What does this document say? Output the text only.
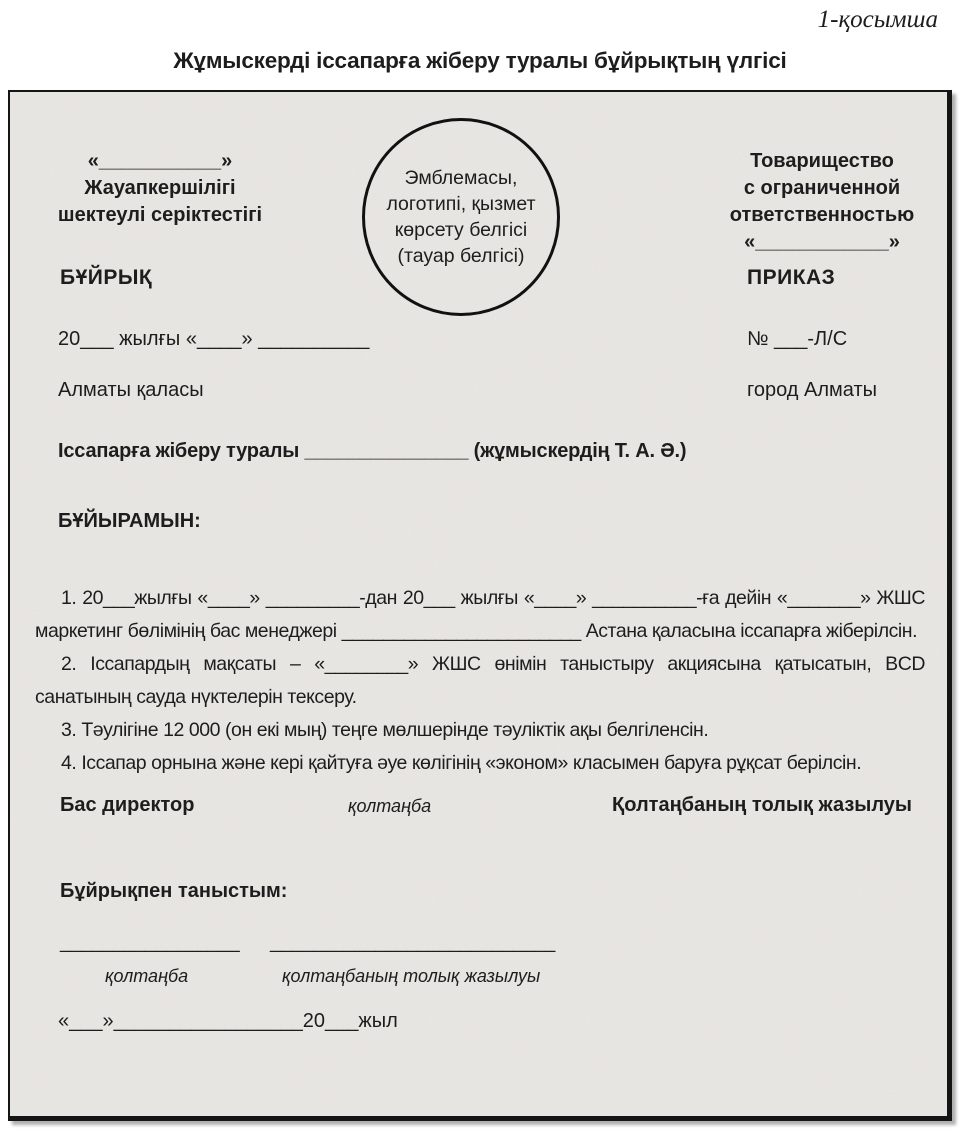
1-қосымша
Жұмыскерді іссапарға жіберу туралы бұйрықтың үлгісі
«___________»
Жауапкершілігі
шектеулі серіктестігі
Эмблемасы, логотипі, қызмет көрсету белгісі (тауар белгісі)
Товарищество
с ограниченной
ответственностью
«____________»
БҰЙРЫҚ	ПРИКАЗ
20___ жылғы «____» __________	№ ___-Л/С
Алматы қаласы	город Алматы
Іссапарға жіберу туралы _______________ (жұмыскердің Т. А. Ә.)
БҰЙЫРАМЫН:

1. 20___жылғы «____» _________-дан 20___ жылғы «____» __________-ға дейін «_______» ЖШС маркетинг бөлімінің бас менеджері _______________________ Астана қаласына іссапарға жіберілсін.

2. Іссапардың мақсаты – «________» ЖШС өнімін таныстыру акциясына қатысатын, BCD санатының сауда нүктелерін тексеру.

3. Тәулігіне 12 000 (он екі мың) теңге мөлшерінде тәуліктік ақы белгіленсін.

4. Іссапар орнына және кері қайтуға әуе көлігінің «эконом» класымен баруға рұқсат берілсін.

Бас директор	қолтаңба	Қолтаңбаның толық жазылуы
Бұйрықпен таныстым:
_________________ ___________________________
қолтаңба	қолтаңбаның толық жазылуы
«___»_________________20___жыл
